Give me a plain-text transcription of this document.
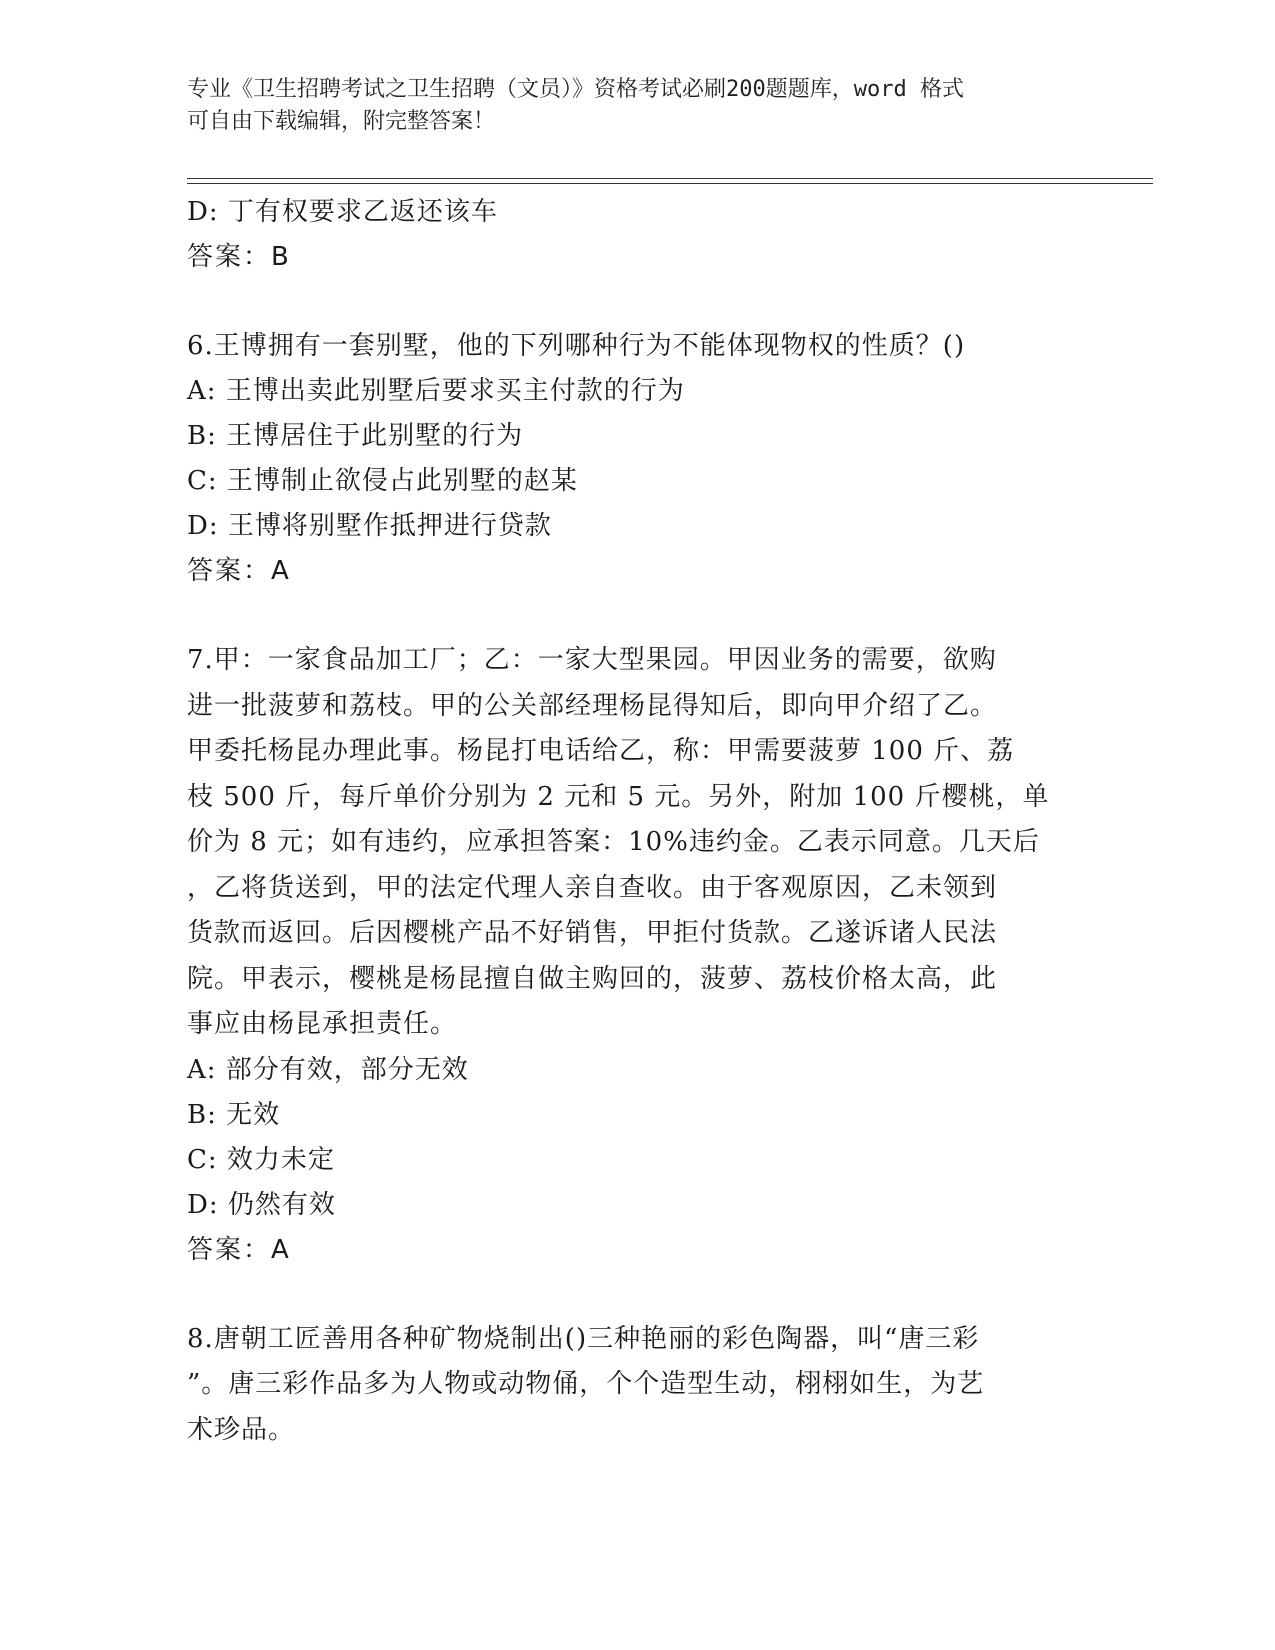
专业《卫生招聘考试之卫生招聘（文员）》资格考试必刷200题题库，word 格式
可自由下载编辑，附完整答案！
D: 丁有权要求乙返还该车
答案：B
6.王博拥有一套别墅，他的下列哪种行为不能体现物权的性质？()
A: 王博出卖此别墅后要求买主付款的行为
B: 王博居住于此别墅的行为
C: 王博制止欲侵占此别墅的赵某
D: 王博将别墅作抵押进行贷款
答案：A
7.甲：一家食品加工厂；乙：一家大型果园。甲因业务的需要，欲购
进一批菠萝和荔枝。甲的公关部经理杨昆得知后，即向甲介绍了乙。
甲委托杨昆办理此事。杨昆打电话给乙，称：甲需要菠萝 100 斤、荔
枝 500 斤，每斤单价分别为 2 元和 5 元。另外，附加 100 斤樱桃，单
价为 8 元；如有违约，应承担答案：10%违约金。乙表示同意。几天后
，乙将货送到，甲的法定代理人亲自查收。由于客观原因，乙未领到
货款而返回。后因樱桃产品不好销售，甲拒付货款。乙遂诉诸人民法
院。甲表示，樱桃是杨昆擅自做主购回的，菠萝、荔枝价格太高，此
事应由杨昆承担责任。
A: 部分有效，部分无效
B: 无效
C: 效力未定
D: 仍然有效
答案：A
8.唐朝工匠善用各种矿物烧制出()三种艳丽的彩色陶器，叫“唐三彩
”。唐三彩作品多为人物或动物俑，个个造型生动，栩栩如生，为艺
术珍品。
